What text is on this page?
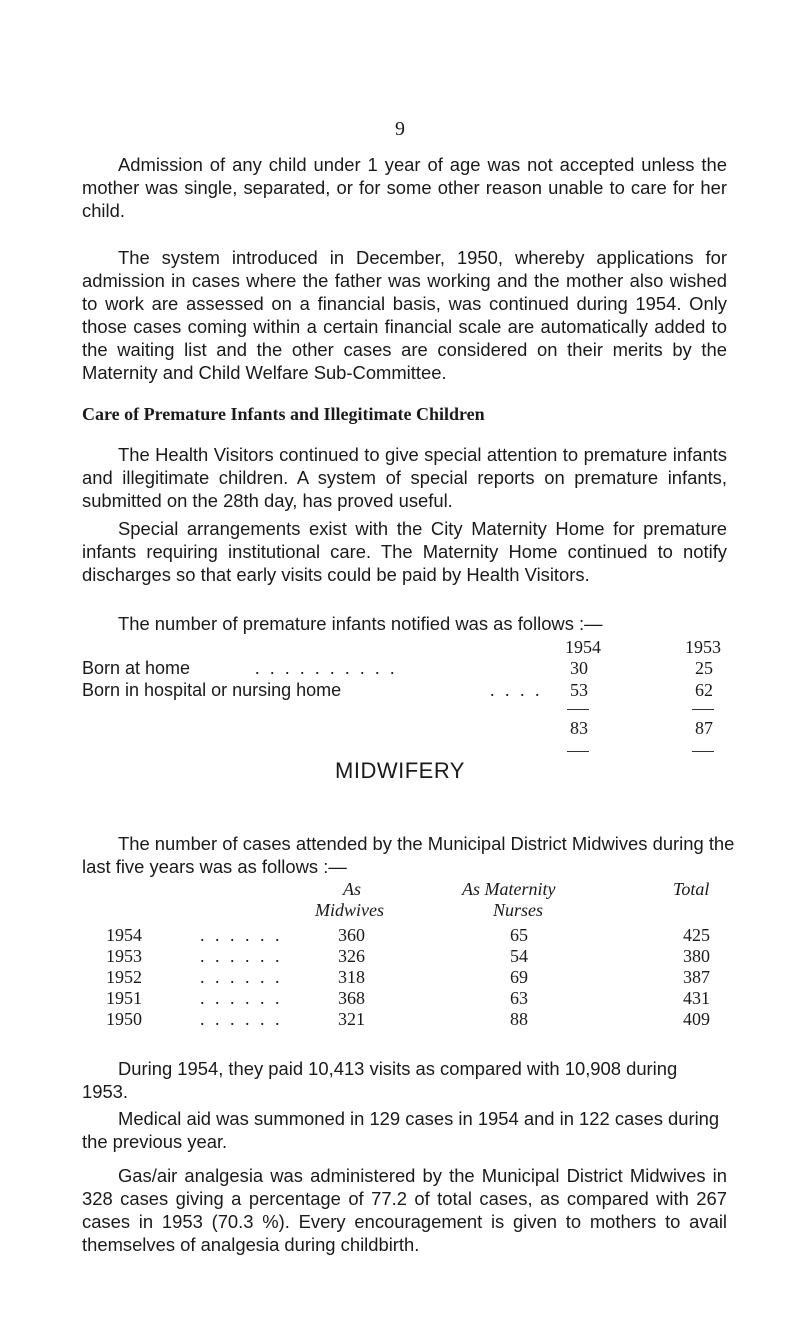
9

Admission of any child under 1 year of age was not accepted unless the mother was single, separated, or for some other reason unable to care for her child.

The system introduced in December, 1950, whereby applications for admission in cases where the father was working and the mother also wished to work are assessed on a financial basis, was continued during 1954. Only those cases coming within a certain financial scale are automatically added to the waiting list and the other cases are considered on their merits by the Maternity and Child Welfare Sub-Committee.

Care of Premature Infants and Illegitimate Children

The Health Visitors continued to give special attention to premature infants and illegitimate children. A system of special reports on premature infants, submitted on the 28th day, has proved useful.

Special arrangements exist with the City Maternity Home for premature infants requiring institutional care. The Maternity Home continued to notify discharges so that early visits could be paid by Health Visitors.

The number of premature infants notified was as follows :—

1954	1953
Born at home	. . . . . . . . . .	30	25
Born in hospital or nursing home	. . . . 53	62
83	87
MIDWIFERY

The number of cases attended by the Municipal District Midwives during the last five years was as follows :—

As
Midwives
As Maternity
Nurses
Total
1954	. . . . . .	360	65	425
1953	. . . . . .	326	54	380
1952	. . . . . .	318	69	387
1951	. . . . . .	368	63	431
1950	. . . . . .	321	88	409

During 1954, they paid 10,413 visits as compared with 10,908 during 1953.

Medical aid was summoned in 129 cases in 1954 and in 122 cases during the previous year.

Gas/air analgesia was administered by the Municipal District Midwives in 328 cases giving a percentage of 77.2 of total cases, as compared with 267 cases in 1953 (70.3 %). Every encouragement is given to mothers to avail themselves of analgesia during childbirth.
